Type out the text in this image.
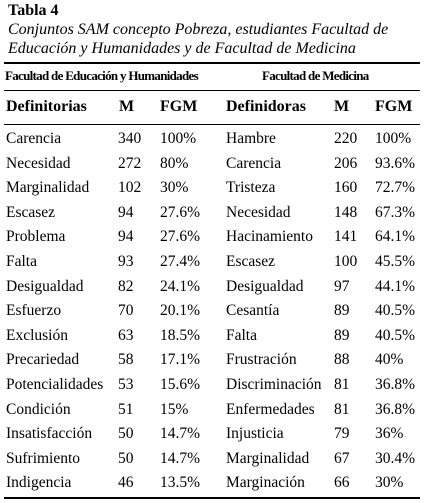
Tabla 4
Conjuntos SAM concepto Pobreza, estudiantes Facultad de Educación y Humanidades y de Facultad de Medicina
Facultad de Educación y Humanidades	Facultad de Medicina
Definitorias M FGM Definidoras M FGM
Carencia	340 100% Hambre	220 100%
Necesidad	272 80% Carencia	206 93.6%
Marginalidad 102 30% Tristeza	160 72.7%
Escasez	94 27.6% Necesidad	148 67.3%
Problema	94 27.6% Hacinamiento 141 64.1%
Falta	93 27.4% Escasez	100 45.5%
Desigualdad 82 24.1% Desigualdad 97 44.1%
Esfuerzo	70 20.1% Cesantía	89 40.5%
Exclusión	63 18.5% Falta	89 40.5%
Precariedad	58 17.1% Frustración 88 40%
Potencialidades 53 15.6% Discriminación 81 36.8%
Condición	51 15% Enfermedades 81 36.8%
Insatisfacción 50 14.7% Injusticia	79 36%
Sufrimiento 50 14.7% Marginalidad 67 30.4%
Indigencia	46 13.5% Marginación 66 30%
